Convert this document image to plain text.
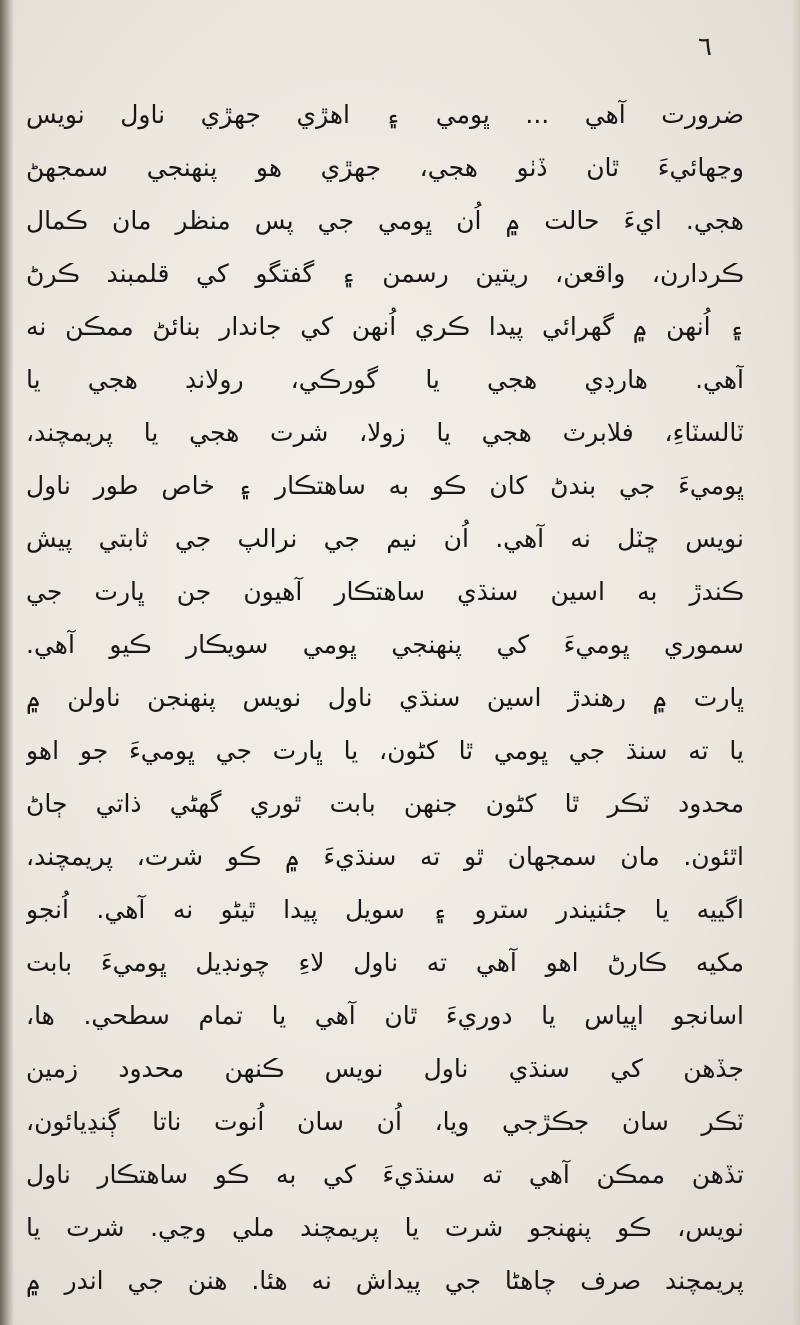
٦
ضرورت آهي ... ڀومي ۽ اهڙي جهڙي ناول نويس
وڃهائيءَ ٿان ڏٺو هجي، جهڙي هو پنهنجي سمجهڻ
هجي. ايءَ حالت ۾ اُن ڀومي جي پس منظر مان ڪمال
ڪردارن، واقعن، ريتين رسمن ۽ گفتگو کي قلمبند ڪرڻ
۽ اُنهن ۾ گهرائي پيدا ڪري اُنهن کي جاندار بنائڻ ممڪن نه
آهي. هارڊي هجي يا گورڪي، رولانڊ هجي يا
ٽالسٽاءِ، فلابرٽ هجي يا زولا، شرت هجي يا پريمچند،
ڀوميءَ جي بندڻ کان ڪو به ساهتڪار ۽ خاص طور ناول
نويس ڇٽل نه آهي. اُن نيم جي نرالپ جي ثابتي پيش
ڪندڙ به اسين سنڌي ساهتڪار آهيون جن ڀارت جي
سموري ڀوميءَ کي پنهنجي ڀومي سويڪار ڪيو آهي.
ڀارت ۾ رهندڙ اسين سنڌي ناول نويس پنهنجن ناولن ۾
يا ته سنڌ جي ڀومي ٿا کڻون، يا ڀارت جي ڀوميءَ جو اهو
محدود ٽڪر ٿا کڻون جنهن بابت ٿوري گهڻي ذاتي ڄاڻ
اٿئون. مان سمجهان ٿو ته سنڌيءَ ۾ ڪو شرت، پريمچند،
اگييه يا جئنيندر سترو ۽ سويل پيدا ٿيڻو نه آهي. اُنجو
مکيه ڪارڻ اهو آهي ته ناول لاءِ چونڊيل ڀوميءَ بابت
اسانجو اڀياس يا دوريءَ ٿان آهي يا تمام سطحي. ها،
جڏهن کي سنڌي ناول نويس ڪنهن محدود زمين
ٽڪر سان جڪڙجي ويا، اُن سان اُنوت ناتا ڳنڍيائون،
تڏهن ممڪن آهي ته سنڌيءَ کي به ڪو ساهتڪار ناول
نويس، ڪو پنهنجو شرت يا پريمچند ملي وڃي. شرت يا
پريمچند صرف چاهڻا جي پيداش نه هئا. هنن جي اندر ۾
